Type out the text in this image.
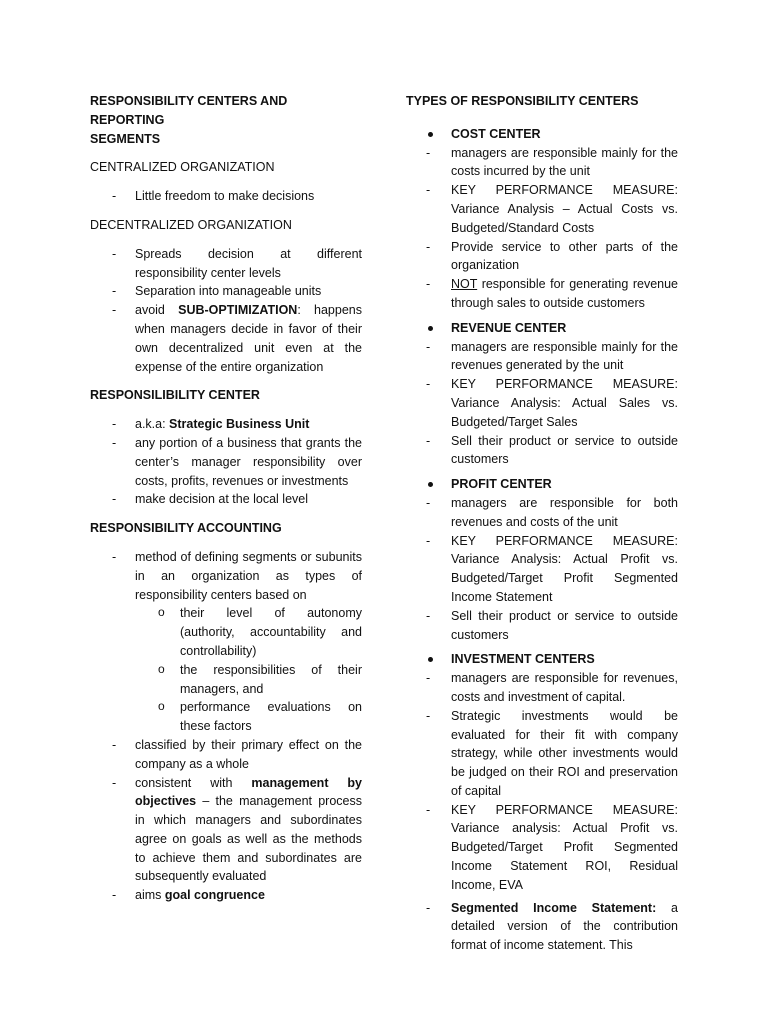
RESPONSIBILITY CENTERS AND REPORTING
SEGMENTS

CENTRALIZED ORGANIZATION

- Little freedom to make decisions

DECENTRALIZED ORGANIZATION

- Spreads decision at different responsibility center levels
- Separation into manageable units
- avoid SUB-OPTIMIZATION: happens when managers decide in favor of their own decentralized unit even at the expense of the entire organization

RESPONSILIBILITY CENTER

- a.k.a: Strategic Business Unit
- any portion of a business that grants the center’s manager responsibility over costs, profits, revenues or investments
- make decision at the local level

RESPONSIBILITY ACCOUNTING

- method of defining segments or subunits in an organization as types of responsibility centers based on
o their level of autonomy (authority, accountability and controllability)
o the responsibilities of their managers, and
o performance evaluations on these factors
- classified by their primary effect on the company as a whole
- consistent with management by objectives – the management process in which managers and subordinates agree on goals as well as the methods to achieve them and subordinates are subsequently evaluated
- aims goal congruence

TYPES OF RESPONSIBILITY CENTERS

COST CENTER
- managers are responsible mainly for the costs incurred by the unit
- KEY PERFORMANCE MEASURE: Variance Analysis – Actual Costs vs. Budgeted/Standard Costs
- Provide service to other parts of the organization
- NOT responsible for generating revenue through sales to outside customers
REVENUE CENTER
- managers are responsible mainly for the revenues generated by the unit
- KEY PERFORMANCE MEASURE: Variance Analysis: Actual Sales vs. Budgeted/Target Sales
- Sell their product or service to outside customers
PROFIT CENTER
- managers are responsible for both revenues and costs of the unit
- KEY PERFORMANCE MEASURE: Variance Analysis: Actual Profit vs. Budgeted/Target Profit Segmented Income Statement
- Sell their product or service to outside customers
INVESTMENT CENTERS
- managers are responsible for revenues, costs and investment of capital.
- Strategic investments would be evaluated for their fit with company strategy, while other investments would be judged on their ROI and preservation of capital
- KEY PERFORMANCE MEASURE: Variance analysis: Actual Profit vs. Budgeted/Target Profit Segmented Income Statement ROI, Residual Income, EVA
- Segmented Income Statement: a detailed version of the contribution format of income statement. This
